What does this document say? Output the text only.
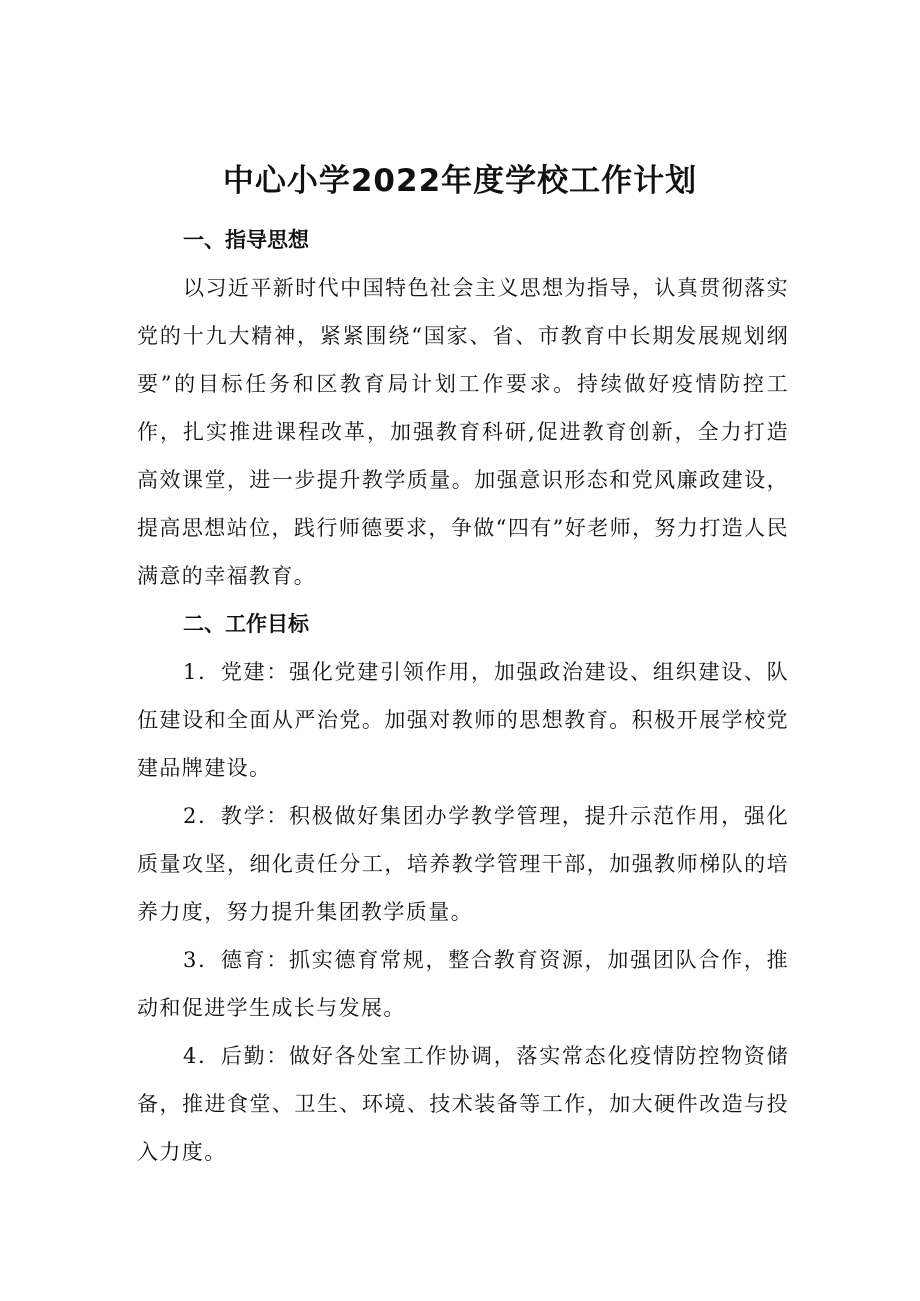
中心小学2022年度学校工作计划
一、指导思想

以习近平新时代中国特色社会主义思想为指导，认真贯彻落实党的十九大精神，紧紧围绕“国家、省、市教育中长期发展规划纲要”的目标任务和区教育局计划工作要求。持续做好疫情防控工作，扎实推进课程改革，加强教育科研,促进教育创新，全力打造高效课堂，进一步提升教学质量。加强意识形态和党风廉政建设，提高思想站位，践行师德要求，争做“四有”好老师，努力打造人民满意的幸福教育。

二、工作目标

1．党建：强化党建引领作用，加强政治建设、组织建设、队伍建设和全面从严治党。加强对教师的思想教育。积极开展学校党建品牌建设。

2．教学：积极做好集团办学教学管理，提升示范作用，强化质量攻坚，细化责任分工，培养教学管理干部，加强教师梯队的培养力度，努力提升集团教学质量。

3．德育：抓实德育常规，整合教育资源，加强团队合作，推动和促进学生成长与发展。

4．后勤：做好各处室工作协调，落实常态化疫情防控物资储备，推进食堂、卫生、环境、技术装备等工作，加大硬件改造与投入力度。
